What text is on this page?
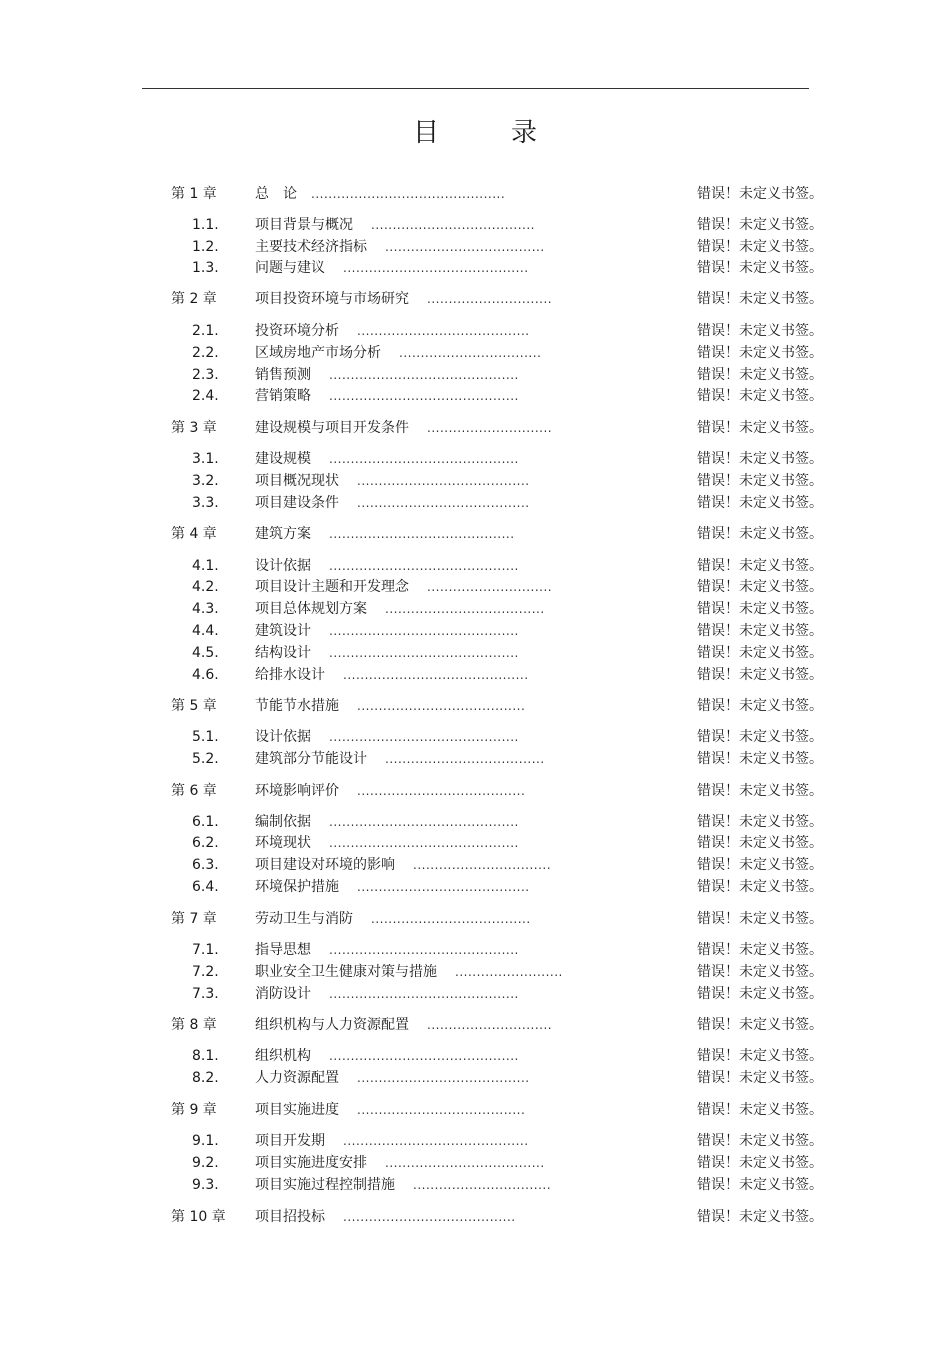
目	录
第 1 章	总　论 .............................................	错误！未定义书签。
1.1.	项目背景与概况 ......................................	错误！未定义书签。
1.2.	主要技术经济指标 .....................................	错误！未定义书签。
1.3.	问题与建议 ...........................................	错误！未定义书签。
第 2 章	项目投资环境与市场研究 .............................	错误！未定义书签。
2.1.	投资环境分析 ........................................	错误！未定义书签。
2.2.	区域房地产市场分析 .................................	错误！未定义书签。
2.3.	销售预测 ............................................	错误！未定义书签。
2.4.	营销策略 ............................................	错误！未定义书签。
第 3 章	建设规模与项目开发条件 .............................	错误！未定义书签。
3.1.	建设规模 ............................................	错误！未定义书签。
3.2.	项目概况现状 ........................................	错误！未定义书签。
3.3.	项目建设条件 ........................................	错误！未定义书签。
第 4 章	建筑方案 ...........................................	错误！未定义书签。
4.1.	设计依据 ............................................	错误！未定义书签。
4.2.	项目设计主题和开发理念 .............................	错误！未定义书签。
4.3.	项目总体规划方案 .....................................	错误！未定义书签。
4.4.	建筑设计 ............................................	错误！未定义书签。
4.5.	结构设计 ............................................	错误！未定义书签。
4.6.	给排水设计 ...........................................	错误！未定义书签。
第 5 章	节能节水措施 .......................................	错误！未定义书签。
5.1.	设计依据 ............................................	错误！未定义书签。
5.2.	建筑部分节能设计 .....................................	错误！未定义书签。
第 6 章	环境影响评价 .......................................	错误！未定义书签。
6.1.	编制依据 ............................................	错误！未定义书签。
6.2.	环境现状 ............................................	错误！未定义书签。
6.3.	项目建设对环境的影响 ................................	错误！未定义书签。
6.4.	环境保护措施 ........................................	错误！未定义书签。
第 7 章	劳动卫生与消防 .....................................	错误！未定义书签。
7.1.	指导思想 ............................................	错误！未定义书签。
7.2.	职业安全卫生健康对策与措施 .........................	错误！未定义书签。
7.3.	消防设计 ............................................	错误！未定义书签。
第 8 章	组织机构与人力资源配置 .............................	错误！未定义书签。
8.1.	组织机构 ............................................	错误！未定义书签。
8.2.	人力资源配置 ........................................	错误！未定义书签。
第 9 章	项目实施进度 .......................................	错误！未定义书签。
9.1.	项目开发期 ...........................................	错误！未定义书签。
9.2.	项目实施进度安排 .....................................	错误！未定义书签。
9.3.	项目实施过程控制措施 ................................	错误！未定义书签。
第 10 章 项目招投标 ........................................	错误！未定义书签。
